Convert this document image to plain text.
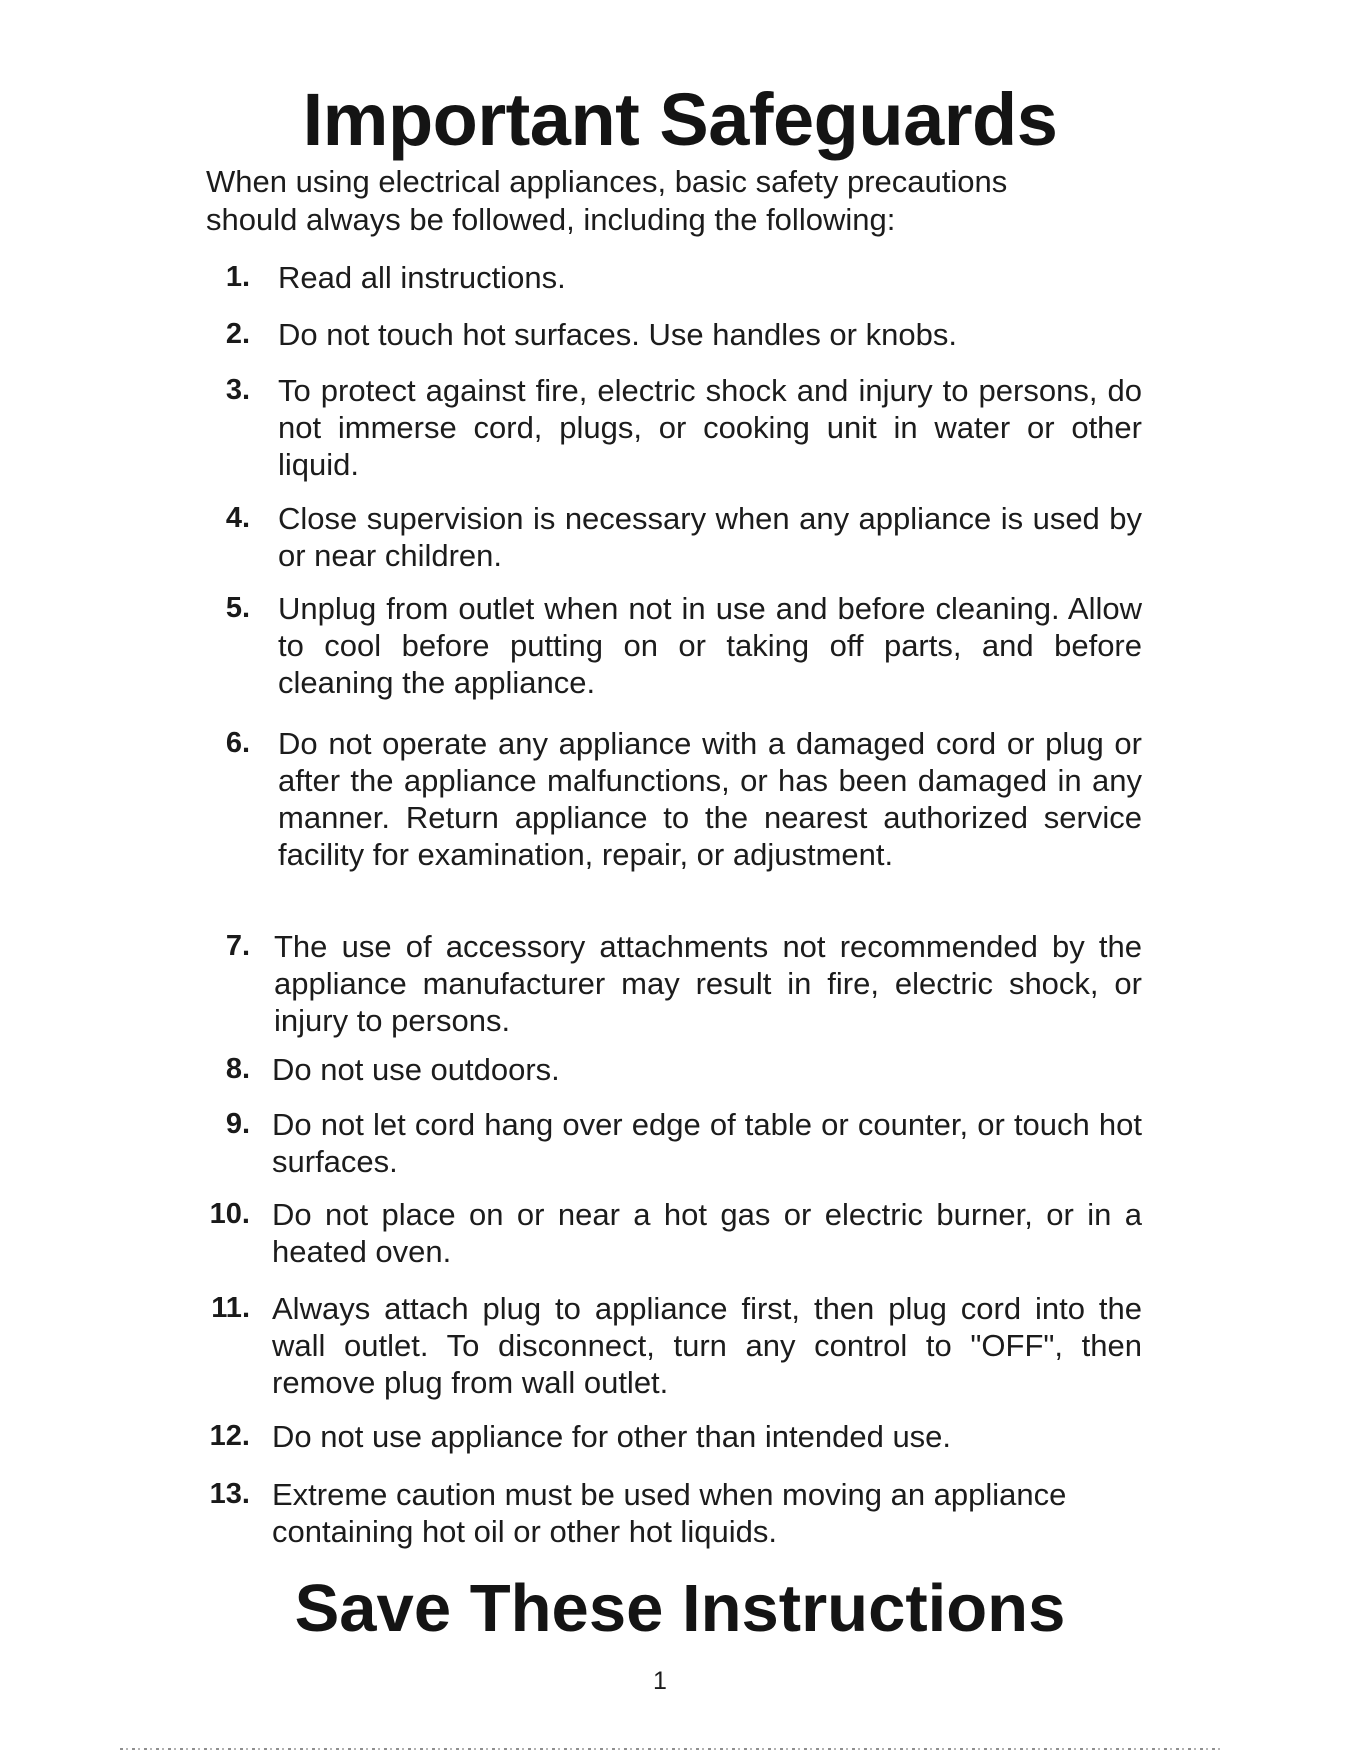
Important Safeguards

When using electrical appliances, basic safety precautions should always be followed, including the following:

1. Read all instructions.
2. Do not touch hot surfaces. Use handles or knobs.
3. To protect against fire, electric shock and injury to persons, do not immerse cord, plugs, or cooking unit in water or other liquid.
4. Close supervision is necessary when any appliance is used by or near children.
5. Unplug from outlet when not in use and before cleaning. Allow to cool before putting on or taking off parts, and before cleaning the appliance.
6. Do not operate any appliance with a damaged cord or plug or after the appliance malfunctions, or has been damaged in any manner. Return appliance to the nearest authorized service facility for examination, repair, or adjustment.
7. The use of accessory attachments not recommended by the appliance manufacturer may result in fire, electric shock, or injury to persons.
8. Do not use outdoors.
9. Do not let cord hang over edge of table or counter, or touch hot surfaces.
10. Do not place on or near a hot gas or electric burner, or in a heated oven.
11. Always attach plug to appliance first, then plug cord into the wall outlet. To disconnect, turn any control to "OFF", then remove plug from wall outlet.
12. Do not use appliance for other than intended use.
13. Extreme caution must be used when moving an appliance containing hot oil or other hot liquids.
Save These Instructions
1
